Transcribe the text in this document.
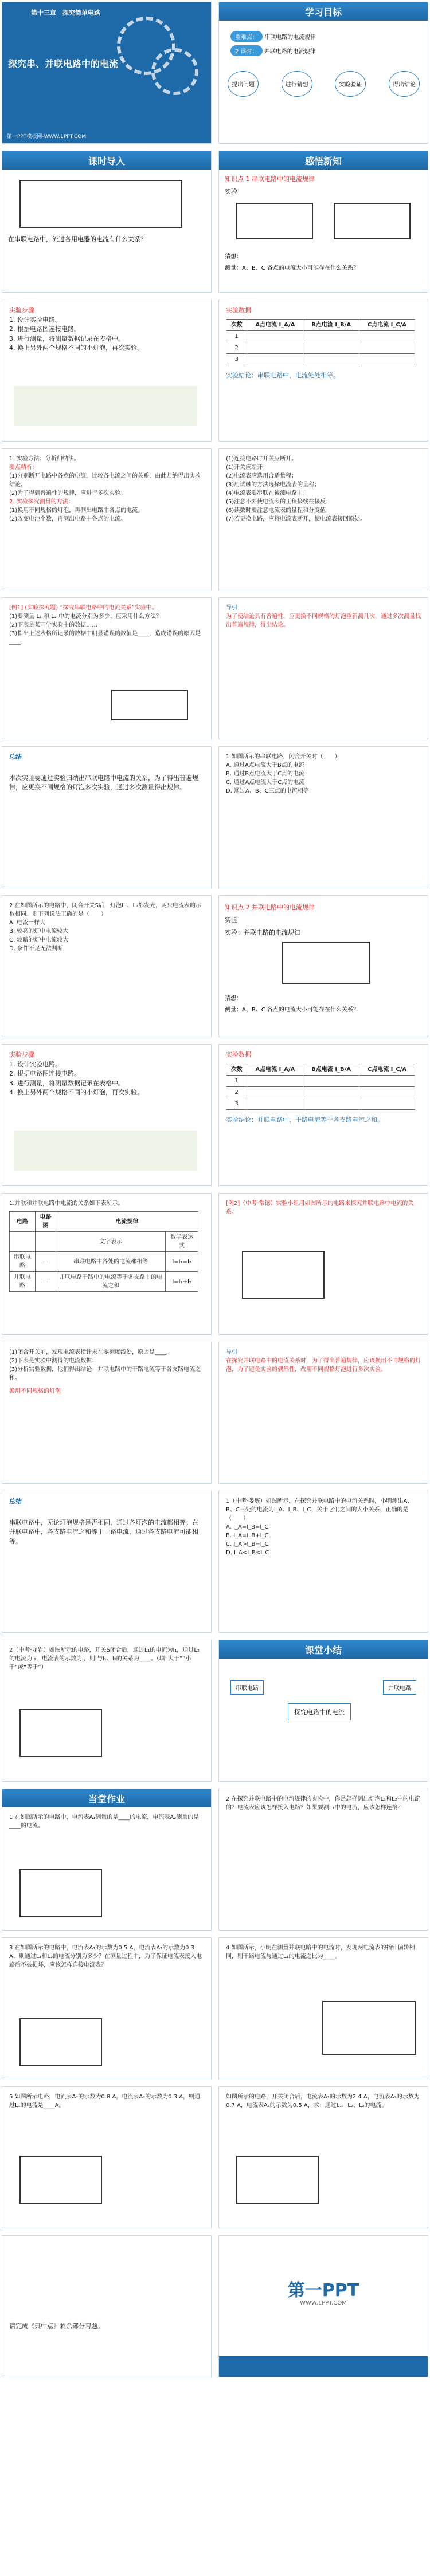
第十三章　探究简单电路
探究串、并联电路中的电流
第一PPT模板网-WWW.1PPT.COM
学习目标
重难点： 串联电路的电流规律
2 课时： 并联电路的电流规律
提出问题	进行猜想	实验验证	得出结论
课时导入
在串联电路中，流过各用电器的电流有什么关系？
感悟新知
知识点 1 串联电路中的电流规律
实验
猜想：
测量：A、B、C 各点的电流大小可能存在什么关系？
实验步骤
1. 设计实验电路。
2. 根据电路图连接电路。
3. 进行测量，将测量数据记录在表格中。
4. 换上另外两个规格不同的小灯泡，再次实验。
实验数据
次数	A点电流 I_A/A	B点电流 I_B/A	C点电流 I_C/A
1			
2			
3			
实验结论：串联电路中，电流处处相等。
1. 实验方法：分析归纳法。
要点精析：
(1)分别断开电路中各点的电流，比较各电流之间的关系，由此归纳得出实验结论。
(2)为了得到普遍性的规律，应进行多次实验。
2. 实验探究测量的方法：
(1)换用不同规格的灯泡，再测出电路中各点的电流。
(2)改变电池个数，再测出电路中各点的电流。
(1)连接电路时开关应断开。
(1)开关应断开；
(2)电流表应选用合适量程；
(3)用试触的方法选择电流表的量程；
(4)电流表要串联在被测电路中；
(5)注意不要使电流表的正负接线柱接反；
(6)读数时要注意电流表的量程和分度值；
(7)若更换电路，应将电流表断开，使电流表接回原处。
[例1] (实验探究题) “探究串联电路中的电流关系”实验中。
(1)要测量 L₁ 和 L₂ 中的电流分别为多少，应采用什么方法？
(2)下表是某同学实验中的数据……
(3)指出上述表格所记录的数据中明显错误的数值是____，造成错误的原因是____。
导引
为了使结论具有普遍性，应更换不同规格的灯泡重新测几次，通过多次测量找出普遍规律，得出结论。
总结
本次实验要通过实验归纳出串联电路中电流的关系，为了得出普遍规律，应更换不同规格的灯泡多次实验，通过多次测量得出规律。
1 如图所示的串联电路，闭合开关时（　　）
A. 通过A点电流大于B点的电流
B. 通过B点电流大于C点的电流
C. 通过A点电流大于C点的电流
D. 通过A、B、C三点的电流相等
2 在如图所示的电路中，闭合开关S后，灯泡L₁、L₂都发光，两只电流表的示数相同。则下列说法正确的是（　　）
A. 电流一样大
B. 较亮的灯中电流较大
C. 较暗的灯中电流较大
D. 条件不足无法判断
知识点 2 并联电路中的电流规律
实验
实验：并联电路的电流规律
猜想：
测量：A、B、C 各点的电流大小可能存在什么关系？
实验步骤
1. 设计实验电路。
2. 根据电路图连接电路。
3. 进行测量，将测量数据记录在表格中。
4. 换上另外两个规格不同的小灯泡，再次实验。
实验数据
次数	A点电流 I_A/A	B点电流 I_B/A	C点电流 I_C/A
1			
2			
3			
实验结论：并联电路中，干路电流等于各支路电流之和。
1.并联和并联电路中电流的关系如下表所示。
电路	电路图	电流规律	
		文字表示	数学表达式
串联电路	—	串联电路中各处的电流都相等	I=I₁=I₂
并联电路	—	并联电路干路中的电流等于各支路中的电流之和	I=I₁+I₂
[例2]（中考·常德）实验小组用如图所示的电路来探究并联电路中电流的关系。
(1)闭合开关前，发现电流表指针未在零刻度线处，原因是____。
(2)下表是实验中测得的电流数据：
(3)分析实验数据，他们得出结论：并联电路中的干路电流等于各支路电流之和。
换用不同规格的灯泡
导引
在探究并联电路中的电流关系时，为了得出普遍规律，应该换用不同规格的灯泡，为了避免实验的偶然性，改用不同规格灯泡进行多次实验。
总结
串联电路中，无论灯泡规格是否相同，通过各灯泡的电流都相等；在并联电路中，各支路电流之和等于干路电流，通过各支路电流可能相等。
1（中考·娄底）如图所示，在探究并联电路中的电流关系时，小明测出A、B、C三处的电流为I_A、I_B、I_C，关于它们之间的大小关系，正确的是（　　）
A. I_A=I_B=I_C
B. I_A=I_B+I_C
C. I_A>I_B=I_C
D. I_A<I_B<I_C
2（中考·龙岩）如图所示的电路，开关S闭合后，通过L₁的电流为I₁，通过L₂的电流为I₂，电流表的示数为I，则I与I₁、I₂的关系为____。（填“大于”“小于”或“等于”）
课堂小结
探究电路中的电流
串联电路	并联电路
当堂作业
1 在如图所示的电路中，电流表A₁测量的是____的电流，电流表A₂测量的是____的电流。
2 在探究并联电路中的电流规律的实验中，你是怎样测出灯泡L₁和L₂中的电流的？电流表应该怎样接入电路？如果要测L₁中的电流，应该怎样连接？
3 在如图所示的电路中，电流表A₁的示数为0.5 A，电流表A₂的示数为0.3 A，则通过L₁和L₂的电流分别为多少？在测量过程中，为了保证电流表接入电路后不被损坏，应该怎样连接电流表？
4 如图所示，小明在测量并联电路中的电流时，发现两电流表的指针偏转相同，则干路电流与通过L₁的电流之比为____。
5 如图所示电路，电流表A₁的示数为0.8 A，电流表A₂的示数为0.3 A，则通过L₁的电流是____A。
如图所示的电路，开关闭合后，电流表A₁的示数为2.4 A，电流表A₂的示数为0.7 A，电流表A₃的示数为0.5 A，求：通过L₁、L₂、L₃的电流。
请完成《典中点》剩余部分习题。
第一PPT
WWW.1PPT.COM
